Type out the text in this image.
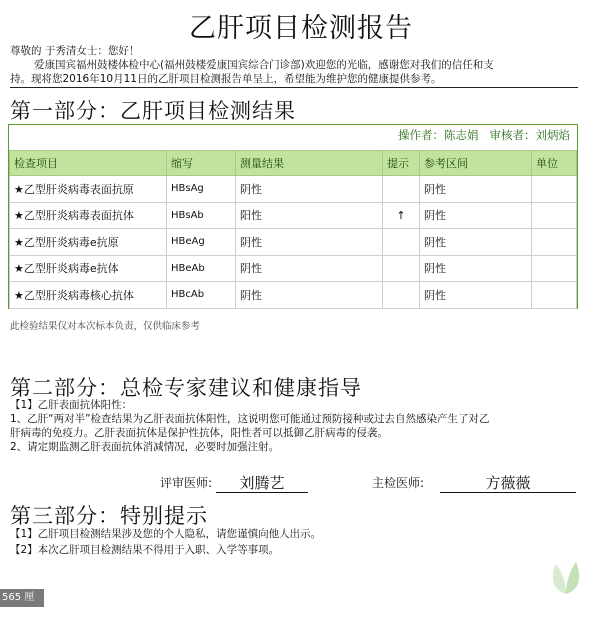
乙肝项目检测报告
尊敬的 于秀清女士：您好！
爱康国宾福州鼓楼体检中心(福州鼓楼爱康国宾综合门诊部)欢迎您的光临，感谢您对我们的信任和支
持。现将您2016年10月11日的乙肝项目检测报告单呈上，希望能为维护您的健康提供参考。
第一部分：乙肝项目检测结果
操作者：陈志娟 审核者：刘炳焰
检查项目	缩写	测量结果	提示	参考区间	单位
★乙型肝炎病毒表面抗原	HBsAg	阴性		阴性	
★乙型肝炎病毒表面抗体	HBsAb	阳性	↑	阴性	
★乙型肝炎病毒e抗原	HBeAg	阴性		阴性	
★乙型肝炎病毒e抗体	HBeAb	阴性		阴性	
★乙型肝炎病毒核心抗体	HBcAb	阴性		阴性	
此检验结果仅对本次标本负责，仅供临床参考
第二部分：总检专家建议和健康指导
【1】乙肝表面抗体阳性：
1、乙肝“两对半”检查结果为乙肝表面抗体阳性，这说明您可能通过预防接种或过去自然感染产生了对乙
肝病毒的免疫力。乙肝表面抗体是保护性抗体，阳性者可以抵御乙肝病毒的侵袭。
2、请定期监测乙肝表面抗体消减情况，必要时加强注射。
评审医师:	刘腾艺	主检医师:	方薇薇
第三部分：特别提示
【1】乙肝项目检测结果涉及您的个人隐私，请您谨慎向他人出示。
【2】本次乙肝项目检测结果不得用于入职、入学等事项。
565 厘米
